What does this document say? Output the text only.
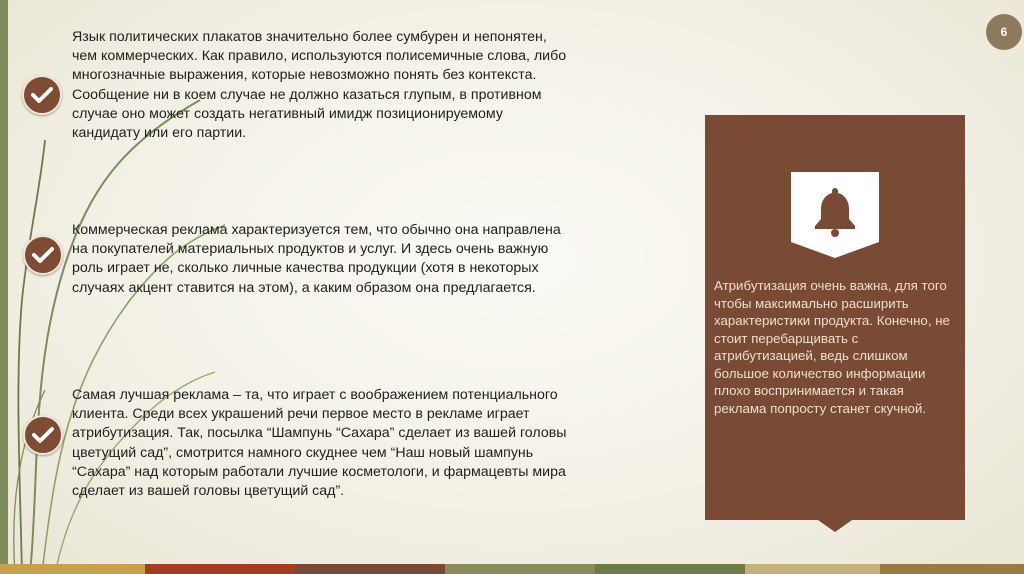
6

Язык политических плакатов значительно более сумбурен и непонятен, чем коммерческих. Как правило, используются полисемичные слова, либо многозначные выражения, которые невозможно понять без контекста. Сообщение ни в коем случае не должно казаться глупым, в противном случае оно может создать негативный имидж позиционируемому кандидату или его партии.

Коммерческая реклама характеризуется тем, что обычно она направлена на покупателей материальных продуктов и услуг. И здесь очень важную роль играет не, сколько личные качества продукции (хотя в некоторых случаях акцент ставится на этом), а каким образом она предлагается.

Самая лучшая реклама – та, что играет с воображением потенциального клиента. Среди всех украшений речи первое место в рекламе играет атрибутизация. Так, посылка “Шампунь “Сахара” сделает из вашей головы цветущий сад”, смотрится намного скуднее чем “Наш новый шампунь “Сахара” над которым работали лучшие косметологи, и фармацевты мира сделает из вашей головы цветущий сад”.

Атрибутизация очень важна, для того чтобы максимально расширить характеристики продукта. Конечно, не стоит перебарщивать с атрибутизацией, ведь слишком большое количество информации плохо воспринимается и такая реклама попросту станет скучной.
